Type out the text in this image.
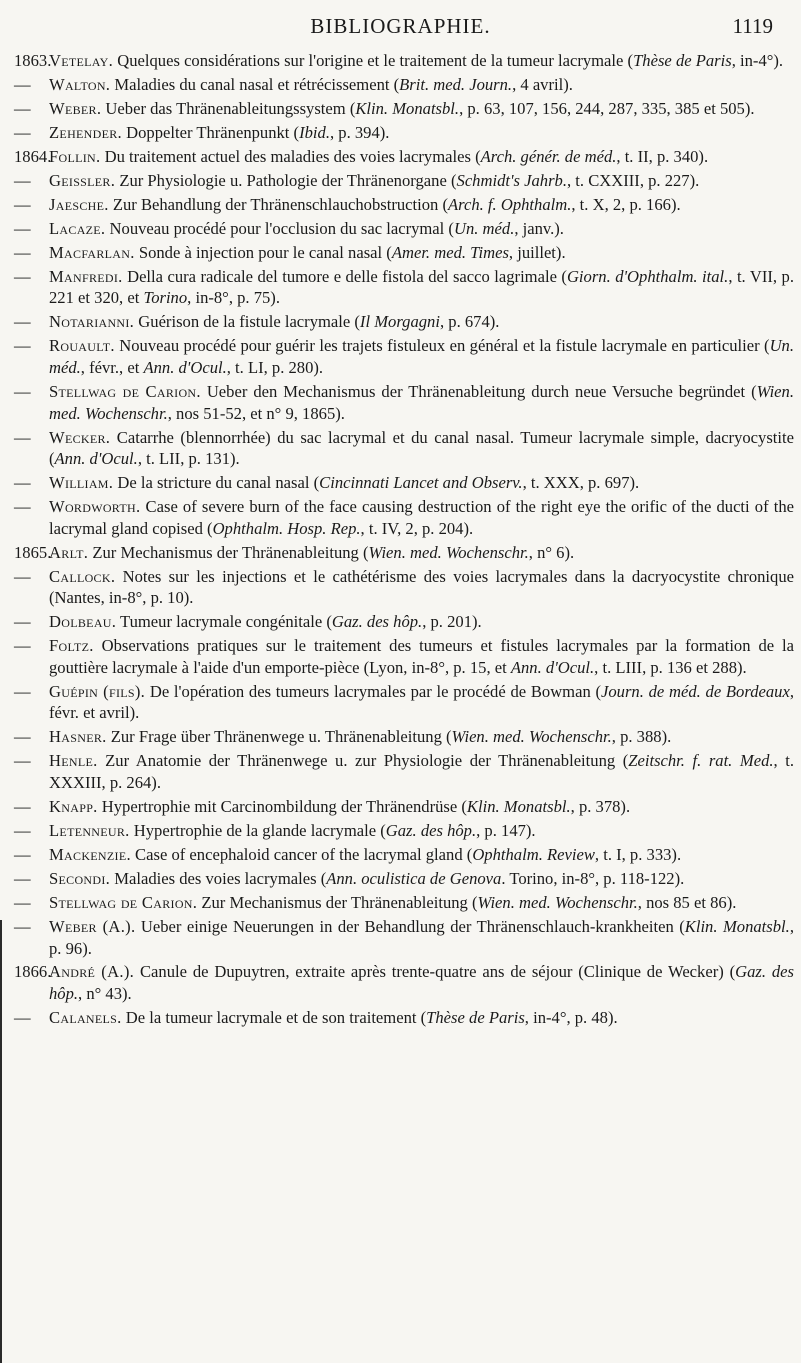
BIBLIOGRAPHIE.	1119
1863.
Vetelay. Quelques considérations sur l'origine et le traitement de la tumeur lacrymale (Thèse de Paris, in-4°).
— Walton. Maladies du canal nasal et rétrécissement (Brit. med. Journ., 4 avril).
— Weber. Ueber das Thränenableitungssystem (Klin. Monatsbl., p. 63, 107, 156, 244, 287, 335, 385 et 505).
— Zehender. Doppelter Thränenpunkt (Ibid., p. 394).
1864.
Follin. Du traitement actuel des maladies des voies lacrymales (Arch. génér. de méd., t. II, p. 340).
— Geissler. Zur Physiologie u. Pathologie der Thränenorgane (Schmidt's Jahrb., t. CXXIII, p. 227).
— Jaesche. Zur Behandlung der Thränenschlauchobstruction (Arch. f. Ophthalm., t. X, 2, p. 166).
— Lacaze. Nouveau procédé pour l'occlusion du sac lacrymal (Un. méd., janv.).
— Macfarlan. Sonde à injection pour le canal nasal (Amer. med. Times, juillet).
— Manfredi. Della cura radicale del tumore e delle fistola del sacco lagrimale (Giorn. d'Ophthalm. ital., t. VII, p. 221 et 320, et Torino, in-8°, p. 75).
— Notarianni. Guérison de la fistule lacrymale (Il Morgagni, p. 674).
— Rouault. Nouveau procédé pour guérir les trajets fistuleux en général et la fistule lacrymale en particulier (Un. méd., févr., et Ann. d'Ocul., t. LI, p. 280).
— Stellwag de Carion. Ueber den Mechanismus der Thränenableitung durch neue Versuche begründet (Wien. med. Wochenschr., nos 51-52, et n° 9, 1865).
— Wecker. Catarrhe (blennorrhée) du sac lacrymal et du canal nasal. Tumeur lacrymale simple, dacryocystite (Ann. d'Ocul., t. LII, p. 131).
— William. De la stricture du canal nasal (Cincinnati Lancet and Observ., t. XXX, p. 697).
— Wordworth. Case of severe burn of the face causing destruction of the right eye the orific of the ducti of the lacrymal gland copised (Ophthalm. Hosp. Rep., t. IV, 2, p. 204).
1865.
Arlt. Zur Mechanismus der Thränenableitung (Wien. med. Wochenschr., n° 6).
— Callock. Notes sur les injections et le cathétérisme des voies lacrymales dans la dacryocystite chronique (Nantes, in-8°, p. 10).
— Dolbeau. Tumeur lacrymale congénitale (Gaz. des hôp., p. 201).
— Foltz. Observations pratiques sur le traitement des tumeurs et fistules lacrymales par la formation de la gouttière lacrymale à l'aide d'un emporte-pièce (Lyon, in-8°, p. 15, et Ann. d'Ocul., t. LIII, p. 136 et 288).
— Guépin (fils). De l'opération des tumeurs lacrymales par le procédé de Bowman (Journ. de méd. de Bordeaux, févr. et avril).
— Hasner. Zur Frage über Thränenwege u. Thränenableitung (Wien. med. Wochenschr., p. 388).
— Henle. Zur Anatomie der Thränenwege u. zur Physiologie der Thränenableitung (Zeitschr. f. rat. Med., t. XXXIII, p. 264).
— Knapp. Hypertrophie mit Carcinombildung der Thränendrüse (Klin. Monatsbl., p. 378).
— Letenneur. Hypertrophie de la glande lacrymale (Gaz. des hôp., p. 147).
— Mackenzie. Case of encephaloid cancer of the lacrymal gland (Ophthalm. Review, t. I, p. 333).
— Secondi. Maladies des voies lacrymales (Ann. oculistica de Genova. Torino, in-8°, p. 118-122).
— Stellwag de Carion. Zur Mechanismus der Thränenableitung (Wien. med. Wochenschr., nos 85 et 86).
— Weber (A.). Ueber einige Neuerungen in der Behandlung der Thränenschlauch-krankheiten (Klin. Monatsbl., p. 96).
1866.
André (A.). Canule de Dupuytren, extraite après trente-quatre ans de séjour (Clinique de Wecker) (Gaz. des hôp., n° 43).
— Calanels. De la tumeur lacrymale et de son traitement (Thèse de Paris, in-4°, p. 48).
